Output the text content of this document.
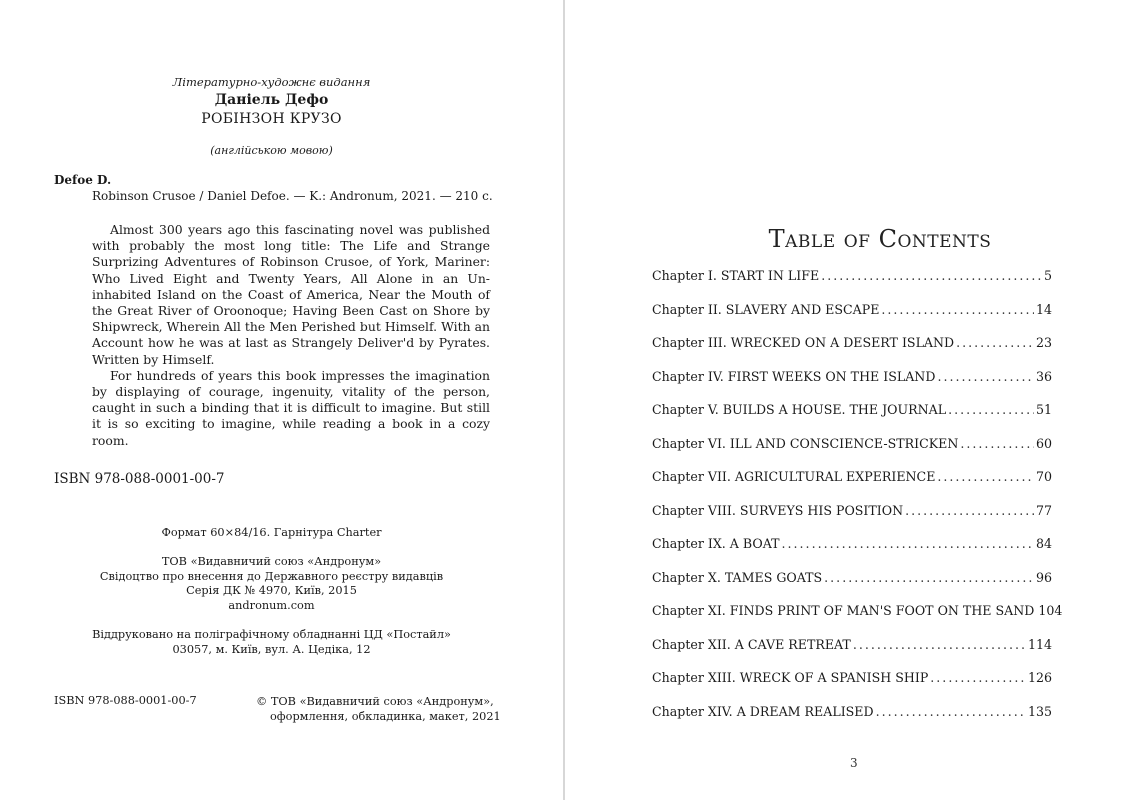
Літературно-художнє видання
Даніель Дефо
РОБІНЗОН КРУЗО
(англійською мовою)
Defoe D.
Robinson Crusoe / Daniel Defoe. — K.: Andronum, 2021. — 210 с.

Almost 300 years ago this fascinating novel was published with probably the most long title: The Life and Strange Surprizing Adventures of Robinson Crusoe, of York, Mariner: Who Lived Eight and Twenty Years, All Alone in an Un-inhabited Island on the Coast of America, Near the Mouth of the Great River of Oroonoque; Having Been Cast on Shore by Shipwreck, Wherein All the Men Perished but Himself. With an Account how he was at last as Strangely Deliver'd by Pyrates. Written by Himself.

For hundreds of years this book impresses the imagination by displaying of courage, ingenuity, vitality of the person, caught in such a binding that it is difficult to imagine. But still it is so exciting to imagine, while reading a book in a cozy room.

ISBN 978-088-0001-00-7
Формат 60×84/16. Гарнітура Charter
ТОВ «Видавничий союз «Андронум»
Свідоцтво про внесення до Державного реєстру видавців
Серія ДК № 4970, Київ, 2015
andronum.com
Віддруковано на поліграфічному обладнанні ЦД «Постайл»
03057, м. Київ, вул. А. Цедіка, 12
ISBN 978-088-0001-00-7	© ТОВ «Видавничий союз «Андронум»,
оформлення, обкладинка, макет, 2021
Table of Contents
Chapter I. START IN LIFE . . .	5
Chapter II. SLAVERY AND ESCAPE . . .	14
Chapter III. WRECKED ON A DESERT ISLAND . . .	23
Chapter IV. FIRST WEEKS ON THE ISLAND . . .	36
Chapter V. BUILDS A HOUSE. THE JOURNAL . . .	51
Chapter VI. ILL AND CONSCIENCE-STRICKEN . . .	60
Chapter VII. AGRICULTURAL EXPERIENCE . . .	70
Chapter VIII. SURVEYS HIS POSITION . . .	77
Chapter IX. A BOAT . . .	84
Chapter X. TAMES GOATS . . .	96
Chapter XI. FINDS PRINT OF MAN'S FOOT ON THE SAND 104
Chapter XII. A CAVE RETREAT . . .	114
Chapter XIII. WRECK OF A SPANISH SHIP . . .	126
Chapter XIV. A DREAM REALISED . . .	135
3
